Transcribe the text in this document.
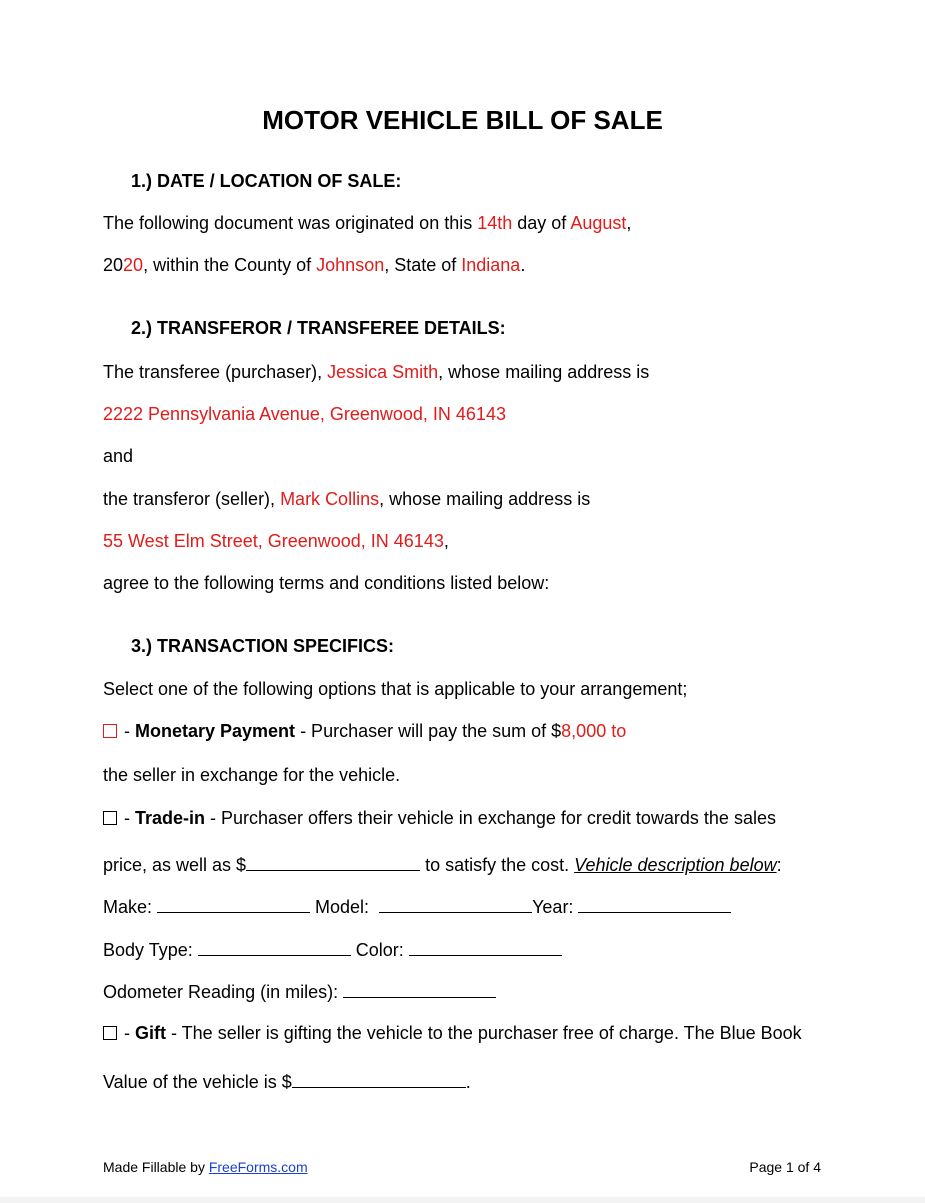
MOTOR VEHICLE BILL OF SALE

1.) DATE / LOCATION OF SALE:

The following document was originated on this 14th day of August,

2020, within the County of Johnson, State of Indiana.

2.) TRANSFEROR / TRANSFEREE DETAILS:

The transferee (purchaser), Jessica Smith, whose mailing address is

2222 Pennsylvania Avenue, Greenwood, IN 46143

and

the transferor (seller), Mark Collins, whose mailing address is

55 West Elm Street, Greenwood, IN 46143,

agree to the following terms and conditions listed below:

3.) TRANSACTION SPECIFICS:

Select one of the following options that is applicable to your arrangement;

- Monetary Payment - Purchaser will pay the sum of $8,000 to

the seller in exchange for the vehicle.

- Trade-in - Purchaser offers their vehicle in exchange for credit towards the sales

price, as well as $	to satisfy the cost. Vehicle description below:

Make:	Model:	Year:

Body Type:	Color:

Odometer Reading (in miles):

- Gift - The seller is gifting the vehicle to the purchaser free of charge. The Blue Book

Value of the vehicle is $	.

Made Fillable by FreeForms.com	Page 1 of 4
